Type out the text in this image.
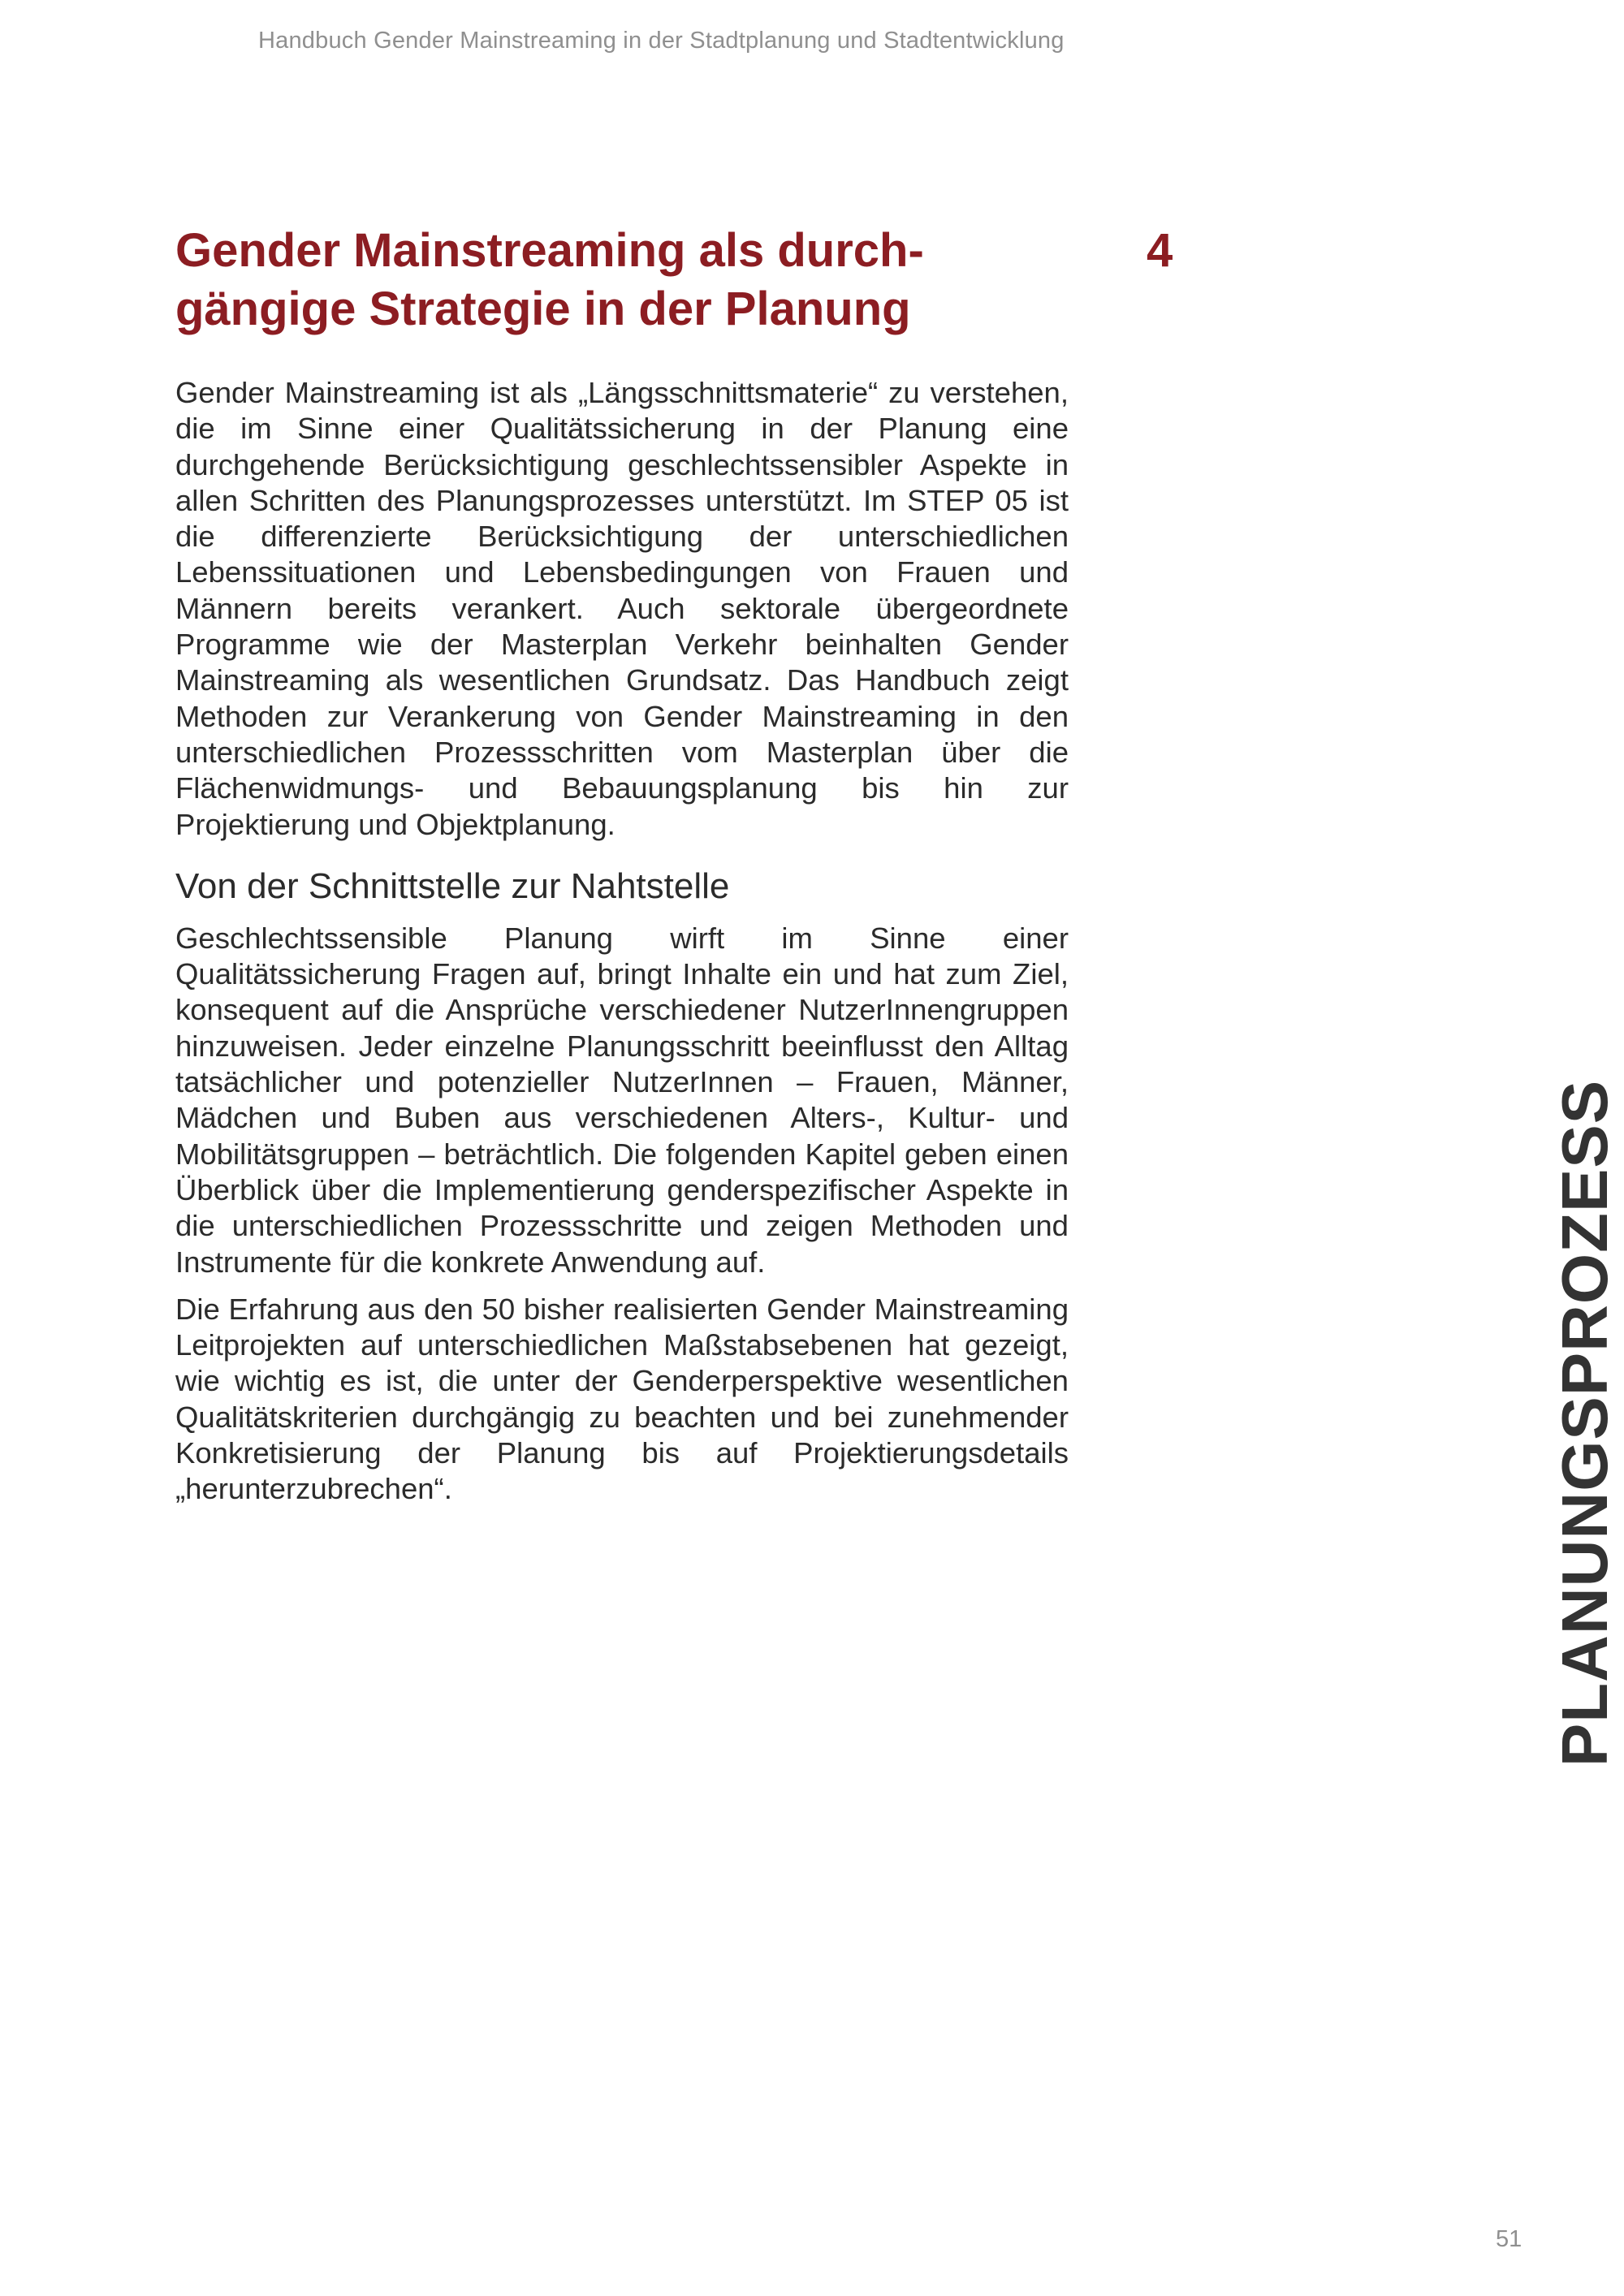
Handbuch Gender Mainstreaming in der Stadtplanung und Stadtentwicklung
Gender Mainstreaming als durch-
gängige Strategie in der Planung
4

Gender Mainstreaming ist als „Längsschnittsmaterie“ zu verstehen, die im Sinne einer Qualitätssicherung in der Planung eine durchgehende Berücksichtigung geschlechtssensibler Aspekte in allen Schritten des Planungsprozesses unterstützt. Im STEP 05 ist die differenzierte Berücksichtigung der unterschiedlichen Lebenssituationen und Lebensbedingungen von Frauen und Männern bereits verankert. Auch sektorale übergeordnete Programme wie der Masterplan Verkehr beinhalten Gender Mainstreaming als wesentlichen Grundsatz. Das Handbuch zeigt Methoden zur Verankerung von Gender Mainstreaming in den unterschiedlichen Prozessschritten vom Masterplan über die Flächenwidmungs- und Bebauungsplanung bis hin zur Projektierung und Objektplanung.

Von der Schnittstelle zur Nahtstelle

Geschlechtssensible Planung wirft im Sinne einer Qualitätssicherung Fragen auf, bringt Inhalte ein und hat zum Ziel, konsequent auf die Ansprüche verschiedener NutzerInnengruppen hinzuweisen. Jeder einzelne Planungsschritt beeinflusst den Alltag tatsächlicher und potenzieller NutzerInnen – Frauen, Männer, Mädchen und Buben aus verschiedenen Alters-, Kultur- und Mobilitätsgruppen – beträchtlich. Die folgenden Kapitel geben einen Überblick über die Implementierung genderspezifischer Aspekte in die unterschiedlichen Prozessschritte und zeigen Methoden und Instrumente für die konkrete Anwendung auf.

Die Erfahrung aus den 50 bisher realisierten Gender Mainstreaming Leitprojekten auf unterschiedlichen Maßstabsebenen hat gezeigt, wie wichtig es ist, die unter der Genderperspektive wesentlichen Qualitätskriterien durchgängig zu beachten und bei zunehmender Konkretisierung der Planung bis auf Projektierungsdetails „herunterzubrechen“.	PLANUNGSPROZESS
51
